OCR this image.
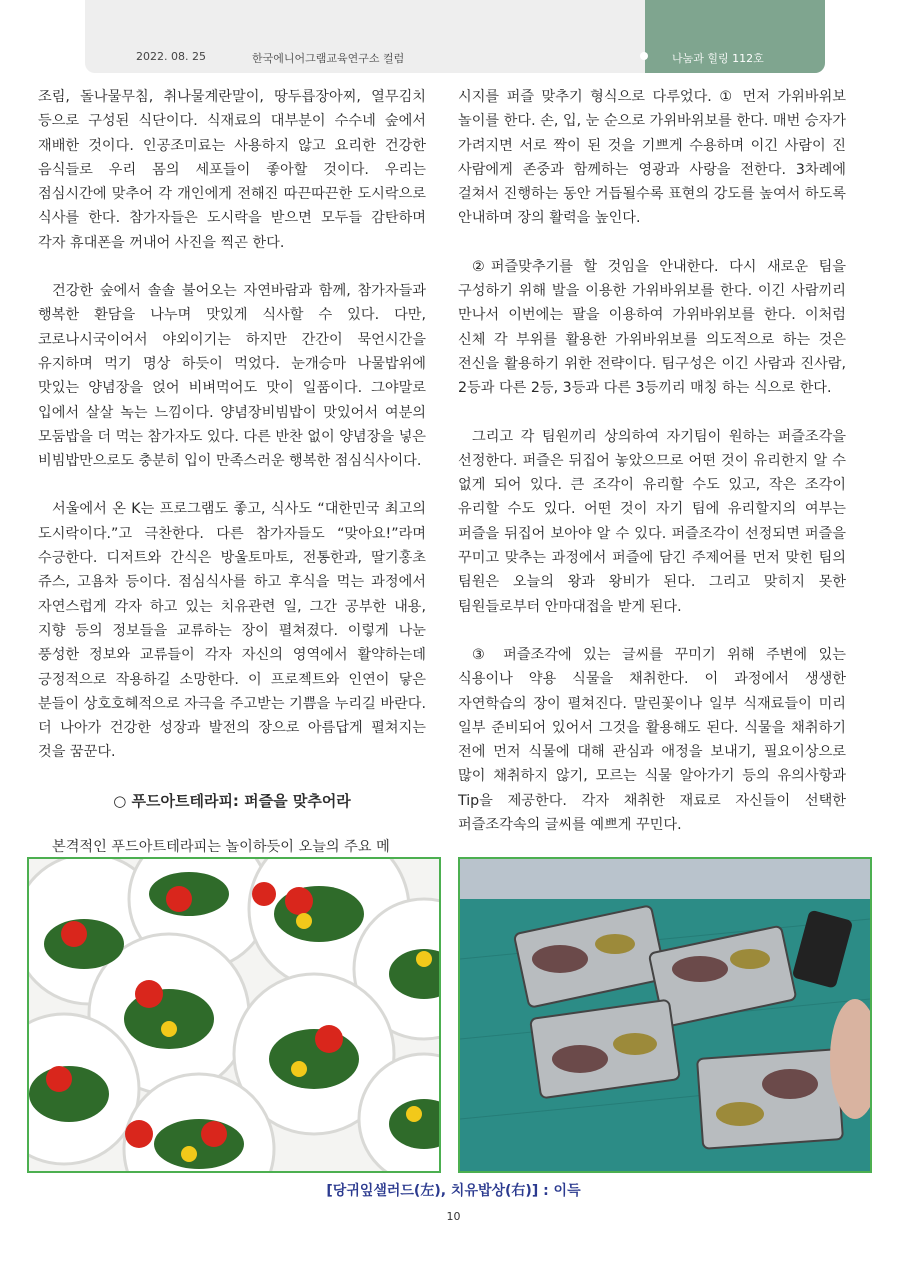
2022. 08. 25	한국에니어그램교육연구소 컬럼	나눔과 힐링 112호

조림, 돌나물무침, 취나물계란말이, 땅두릅장아찌, 열무김치 등으로 구성된 식단이다. 식재료의 대부분이 수수네 숲에서 재배한 것이다. 인공조미료는 사용하지 않고 요리한 건강한 음식들로 우리 몸의 세포들이 좋아할 것이다. 우리는 점심시간에 맞추어 각 개인에게 전해진 따끈따끈한 도시락으로 식사를 한다. 참가자들은 도시락을 받으면 모두들 감탄하며 각자 휴대폰을 꺼내어 사진을 찍곤 한다.

건강한 숲에서 솔솔 불어오는 자연바람과 함께, 참가자들과 행복한 환담을 나누며 맛있게 식사할 수 있다. 다만, 코로나시국이어서 야외이기는 하지만 간간이 묵언시간을 유지하며 먹기 명상 하듯이 먹었다. 눈개승마 나물밥위에 맛있는 양념장을 얹어 비벼먹어도 맛이 일품이다. 그야말로 입에서 살살 녹는 느낌이다. 양념장비빔밥이 맛있어서 여분의 모둠밥을 더 먹는 참가자도 있다. 다른 반찬 없이 양념장을 넣은 비빔밥만으로도 충분히 입이 만족스러운 행복한 점심식사이다.

서울에서 온 K는 프로그램도 좋고, 식사도 “대한민국 최고의 도시락이다.”고 극찬한다. 다른 참가자들도 “맞아요!”라며 수긍한다. 디저트와 간식은 방울토마토, 전통한과, 딸기홍초 쥬스, 고욤차 등이다. 점심식사를 하고 후식을 먹는 과정에서 자연스럽게 각자 하고 있는 치유관련 일, 그간 공부한 내용, 지향 등의 정보들을 교류하는 장이 펼쳐졌다. 이렇게 나눈 풍성한 정보와 교류들이 각자 자신의 영역에서 활약하는데 긍정적으로 작용하길 소망한다. 이 프로젝트와 인연이 닿은 분들이 상호호혜적으로 자극을 주고받는 기쁨을 누리길 바란다. 더 나아가 건강한 성장과 발전의 장으로 아름답게 펼쳐지는 것을 꿈꾼다.

○ 푸드아트테라피: 퍼즐을 맞추어라

본격적인 푸드아트테라피는 놀이하듯이 오늘의 주요 메

시지를 퍼즐 맞추기 형식으로 다루었다. ① 먼저 가위바위보 놀이를 한다. 손, 입, 눈 순으로 가위바위보를 한다. 매번 승자가 가려지면 서로 짝이 된 것을 기쁘게 수용하며 이긴 사람이 진 사람에게 존중과 함께하는 영광과 사랑을 전한다. 3차례에 걸쳐서 진행하는 동안 거듭될수록 표현의 강도를 높여서 하도록 안내하며 장의 활력을 높인다.

②퍼즐맞추기를 할 것임을 안내한다. 다시 새로운 팀을 구성하기 위해 발을 이용한 가위바위보를 한다. 이긴 사람끼리 만나서 이번에는 팔을 이용하여 가위바위보를 한다. 이처럼 신체 각 부위를 활용한 가위바위보를 의도적으로 하는 것은 전신을 활용하기 위한 전략이다. 팀구성은 이긴 사람과 진사람, 2등과 다른 2등, 3등과 다른 3등끼리 매칭 하는 식으로 한다.

그리고 각 팀원끼리 상의하여 자기팀이 원하는 퍼즐조각을 선정한다. 퍼즐은 뒤집어 놓았으므로 어떤 것이 유리한지 알 수 없게 되어 있다. 큰 조각이 유리할 수도 있고, 작은 조각이 유리할 수도 있다. 어떤 것이 자기 팀에 유리할지의 여부는 퍼즐을 뒤집어 보아야 알 수 있다. 퍼즐조각이 선정되면 퍼즐을 꾸미고 맞추는 과정에서 퍼즐에 담긴 주제어를 먼저 맞힌 팀의 팀원은 오늘의 왕과 왕비가 된다. 그리고 맞히지 못한 팀원들로부터 안마대접을 받게 된다.

③ 퍼즐조각에 있는 글씨를 꾸미기 위해 주변에 있는 식용이나 약용 식물을 채취한다. 이 과정에서 생생한 자연학습의 장이 펼쳐진다. 말린꽃이나 일부 식재료들이 미리 일부 준비되어 있어서 그것을 활용해도 된다. 식물을 채취하기 전에 먼저 식물에 대해 관심과 애정을 보내기, 필요이상으로 많이 채취하지 않기, 모르는 식물 알아가기 등의 유의사항과 Tip을 제공한다. 각자 채취한 재료로 자신들이 선택한 퍼즐조각속의 글씨를 예쁘게 꾸민다.

[당귀잎샐러드(左), 치유밥상(右)] : 이득
10
